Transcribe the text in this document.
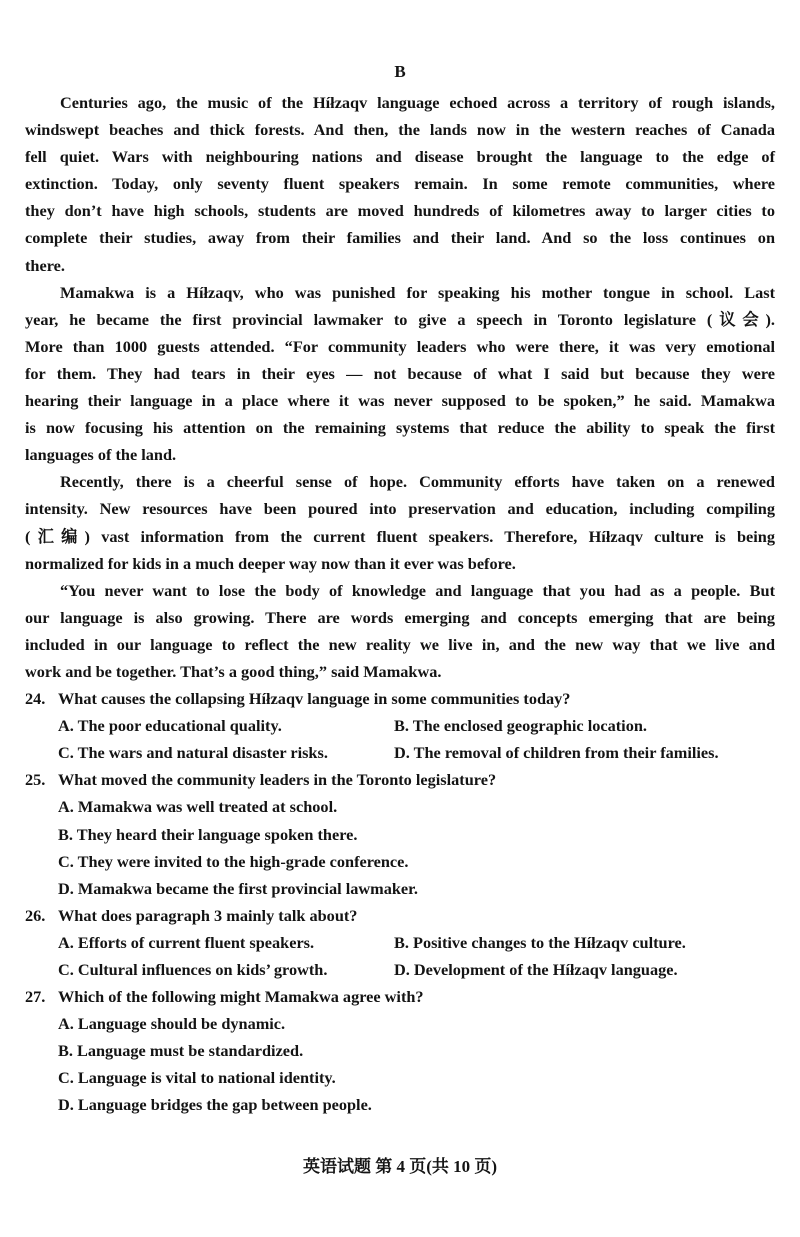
B
Centuries ago, the music of the Híłzaqv language echoed across a territory of rough islands,
windswept beaches and thick forests. And then, the lands now in the western reaches of Canada
fell quiet. Wars with neighbouring nations and disease brought the language to the edge of
extinction. Today, only seventy fluent speakers remain. In some remote communities, where
they don’t have high schools, students are moved hundreds of kilometres away to larger cities to
complete their studies, away from their families and their land. And so the loss continues on
there.
Mamakwa is a Híłzaqv, who was punished for speaking his mother tongue in school. Last
year, he became the first provincial lawmaker to give a speech in Toronto legislature (议会).
More than 1000 guests attended. “For community leaders who were there, it was very emotional
for them. They had tears in their eyes — not because of what I said but because they were
hearing their language in a place where it was never supposed to be spoken,” he said. Mamakwa
is now focusing his attention on the remaining systems that reduce the ability to speak the first
languages of the land.
Recently, there is a cheerful sense of hope. Community efforts have taken on a renewed
intensity. New resources have been poured into preservation and education, including compiling
(汇编) vast information from the current fluent speakers. Therefore, Híłzaqv culture is being
normalized for kids in a much deeper way now than it ever was before.
“You never want to lose the body of knowledge and language that you had as a people. But
our language is also growing. There are words emerging and concepts emerging that are being
included in our language to reflect the new reality we live in, and the new way that we live and
work and be together. That’s a good thing,” said Mamakwa.
24. What causes the collapsing Híłzaqv language in some communities today?
A. The poor educational quality.	B. The enclosed geographic location.
C. The wars and natural disaster risks.	D. The removal of children from their families.
25. What moved the community leaders in the Toronto legislature?
A. Mamakwa was well treated at school.
B. They heard their language spoken there.
C. They were invited to the high-grade conference.
D. Mamakwa became the first provincial lawmaker.
26. What does paragraph 3 mainly talk about?
A. Efforts of current fluent speakers.	B. Positive changes to the Híłzaqv culture.
C. Cultural influences on kids’ growth.	D. Development of the Híłzaqv language.
27. Which of the following might Mamakwa agree with?
A. Language should be dynamic.
B. Language must be standardized.
C. Language is vital to national identity.
D. Language bridges the gap between people.
英语试题 第 4 页(共 10 页)
